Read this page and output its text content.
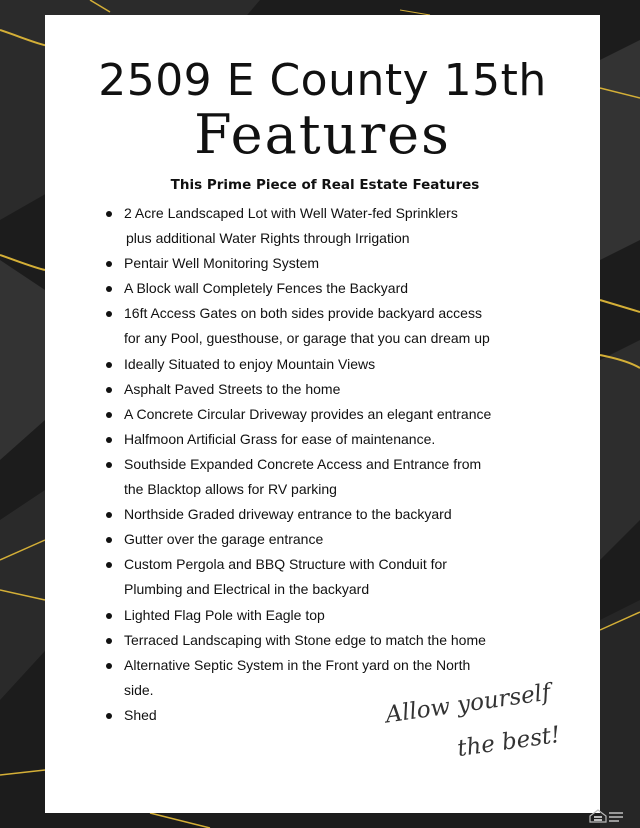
2509 E County 15th
Features
This Prime Piece of Real Estate Features
2 Acre Landscaped Lot with Well Water-fed Sprinklers
plus additional Water Rights through Irrigation
Pentair Well Monitoring System
A Block wall Completely Fences the Backyard
16ft Access Gates on both sides provide backyard access
for any Pool, guesthouse, or garage that you can dream up
Ideally Situated to enjoy Mountain Views
Asphalt Paved Streets to the home
A Concrete Circular Driveway provides an elegant entrance
Halfmoon Artificial Grass for ease of maintenance.
Southside Expanded Concrete Access and Entrance from
the Blacktop allows for RV parking
Northside Graded driveway entrance to the backyard
Gutter over the garage entrance
Custom Pergola and BBQ Structure with Conduit for
Plumbing and Electrical in the backyard
Lighted Flag Pole with Eagle top
Terraced Landscaping with Stone edge to match the home
Alternative Septic System in the Front yard on the North
side.
Shed	Allow yourself
the best!
